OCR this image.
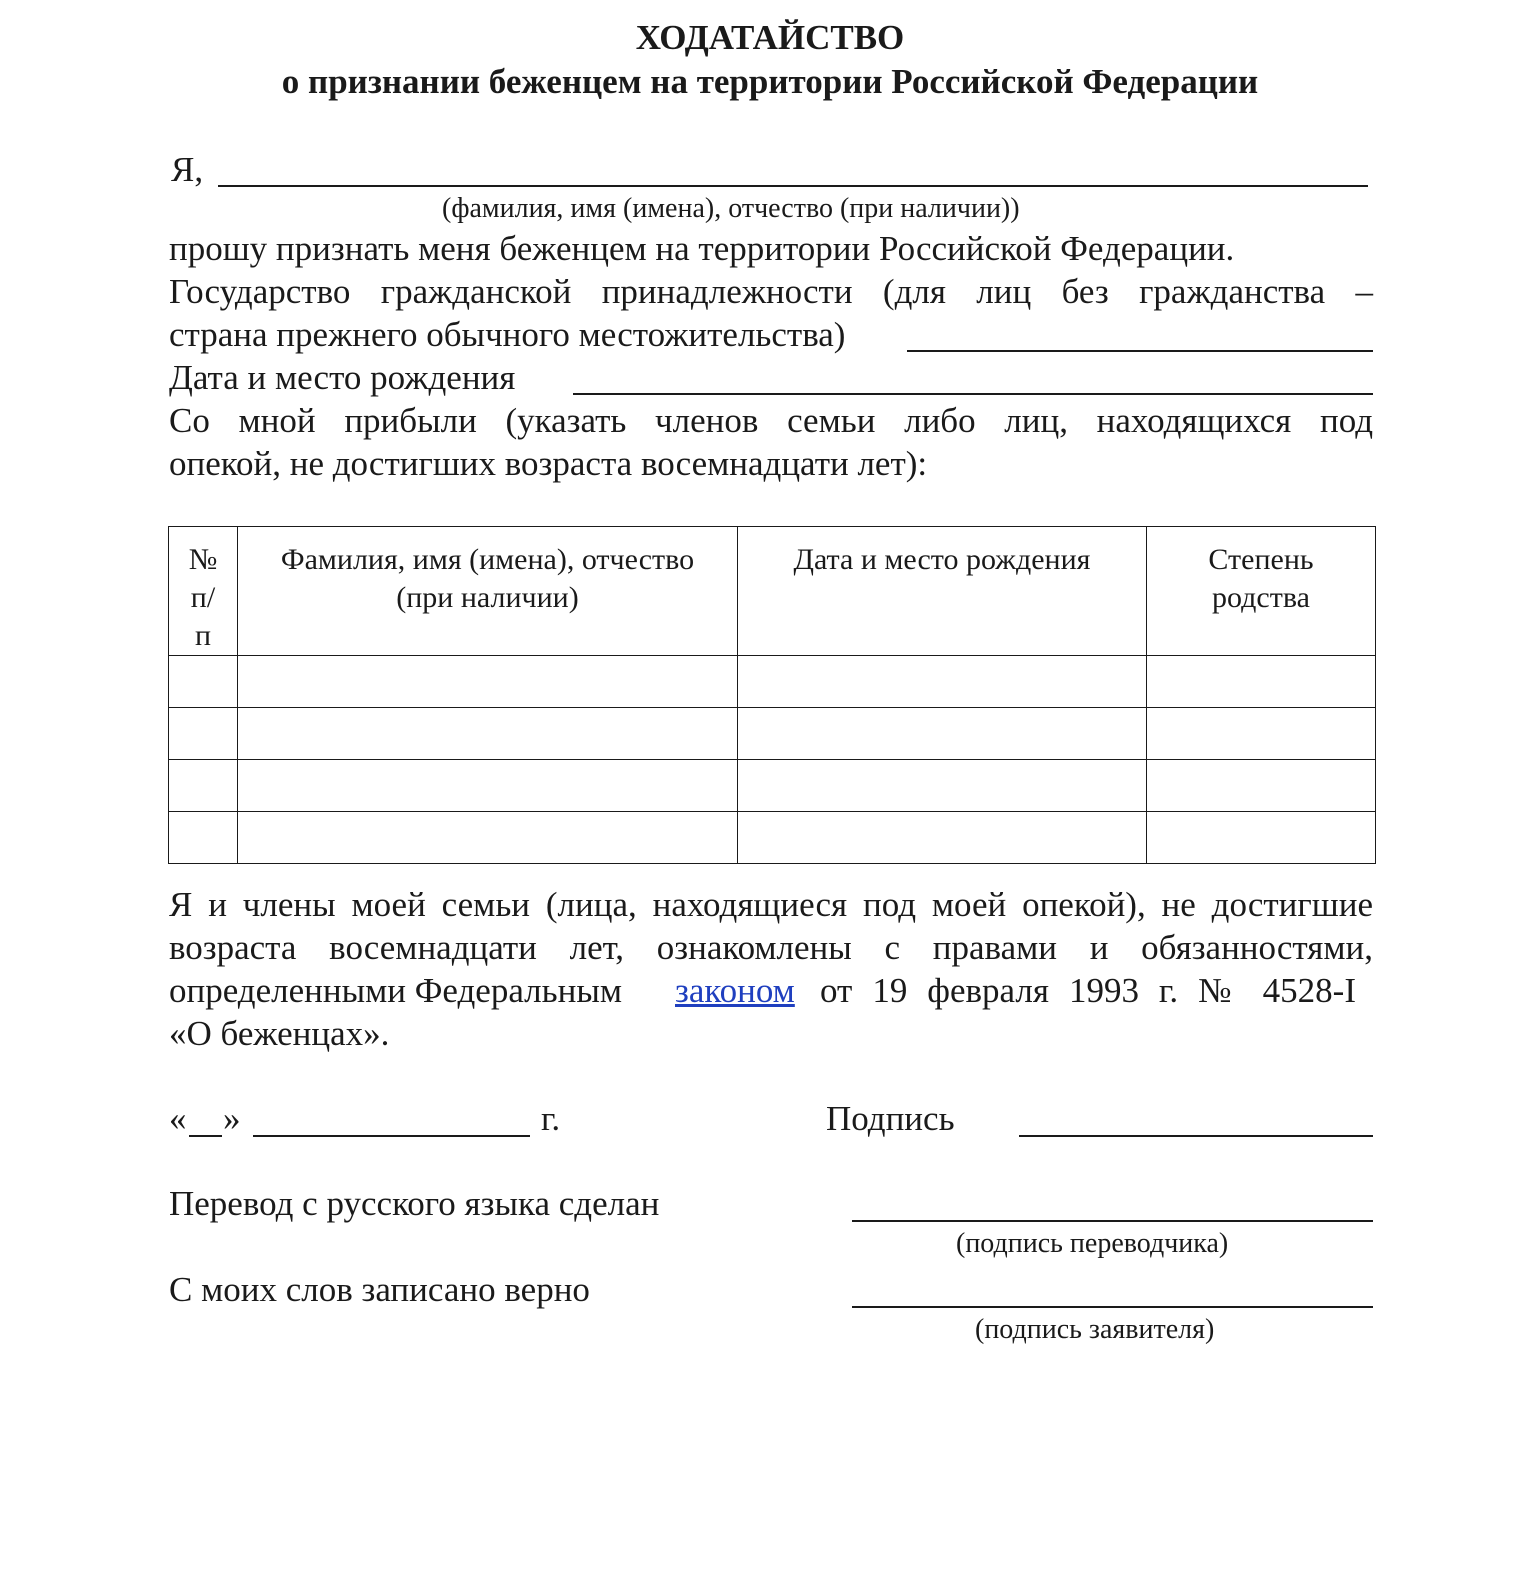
ХОДАТАЙСТВО
о признании беженцем на территории Российской Федерации
Я,
(фамилия, имя (имена), отчество (при наличии))
прошу признать меня беженцем на территории Российской Федерации.
Государство гражданской принадлежности (для лиц без гражданства –
страна прежнего обычного местожительства)
Дата и место рождения
Со мной прибыли (указать членов семьи либо лиц, находящихся под
опекой, не достигших возраста восемнадцати лет):
№ п/п	Фамилия, имя (имена), отчество (при наличии)	Дата и место рождения	Степень родства

Я и члены моей семьи (лица, находящиеся под моей опекой), не достигшие
возраста восемнадцати лет, ознакомлены с правами и обязанностями,
определенными Федеральным законом от 19 февраля 1993 г. № 4528-I
«О беженцах».
« »	г.	Подпись
Перевод с русского языка сделан
(подпись переводчика)
С моих слов записано верно
(подпись заявителя)
